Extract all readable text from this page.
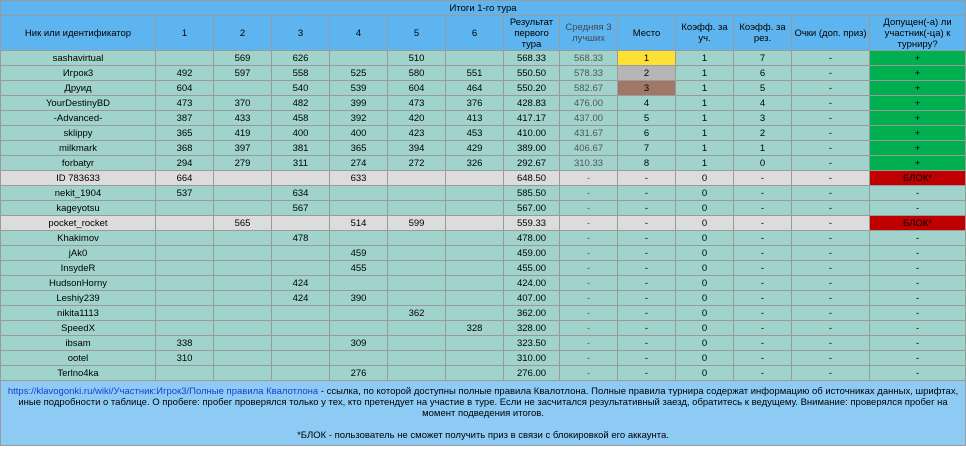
Итоги 1-го тура													
Ник или идентификатор	1	2	3	4	5	6	Результат первого тура	Средняя 3 лучших	Место	Коэфф. за уч.	Коэфф. за рез.	Очки (доп. приз)	Допущен(-а) ли участник(-ца) к турниру?
sashavirtual		569	626		510		568.33	568.33	1	1	7	-	+
Игрок3	492	597	558	525	580	551	550.50	578.33	2	1	6	-	+
Друид	604		540	539	604	464	550.20	582.67	3	1	5	-	+
YourDestinyBD	473	370	482	399	473	376	428.83	476.00	4	1	4	-	+
-Advanced-	387	433	458	392	420	413	417.17	437.00	5	1	3	-	+
sklippy	365	419	400	400	423	453	410.00	431.67	6	1	2	-	+
milkmark	368	397	381	365	394	429	389.00	406.67	7	1	1	-	+
forbatyr	294	279	311	274	272	326	292.67	310.33	8	1	0	-	+
ID 783633	664			633			648.50	-	-	0	-	-	БЛОК*
nekit_1904	537		634				585.50	-	-	0	-	-	-
kageyotsu			567				567.00	-	-	0	-	-	-
pocket_rocket		565		514	599		559.33	-	-	0	-	-	БЛОК*
Khakimov			478				478.00	-	-	0	-	-	-
jAk0				459			459.00	-	-	0	-	-	-
InsydeR				455			455.00	-	-	0	-	-	-
HudsonHorny			424				424.00	-	-	0	-	-	-
Leshiy239			424	390			407.00	-	-	0	-	-	-
nikita1113					362		362.00	-	-	0	-	-	-
SpeedX						328	328.00	-	-	0	-	-	-
ibsam	338			309			323.50	-	-	0	-	-	-
ootel	310						310.00	-	-	0	-	-	-
Terlno4ka				276			276.00	-	-	0	-	-	-
https://klavogonki.ru/wiki/Участник:Игрок3/Полные правила Квалотлона - ссылка, по которой доступны полные правила Квалотлона. Полные правила турнира содержат информацию об источниках данных, шрифтах, иные подробности о таблице. О пробеге: пробег проверялся только у тех, кто претендует на участие в туре. Если не засчитался результативный заезд, обратитесь к ведущему. Внимание: проверялся пробег на момент подведения итогов.

*БЛОК - пользователь не сможет получить приз в связи с блокировкой его аккаунта.													
